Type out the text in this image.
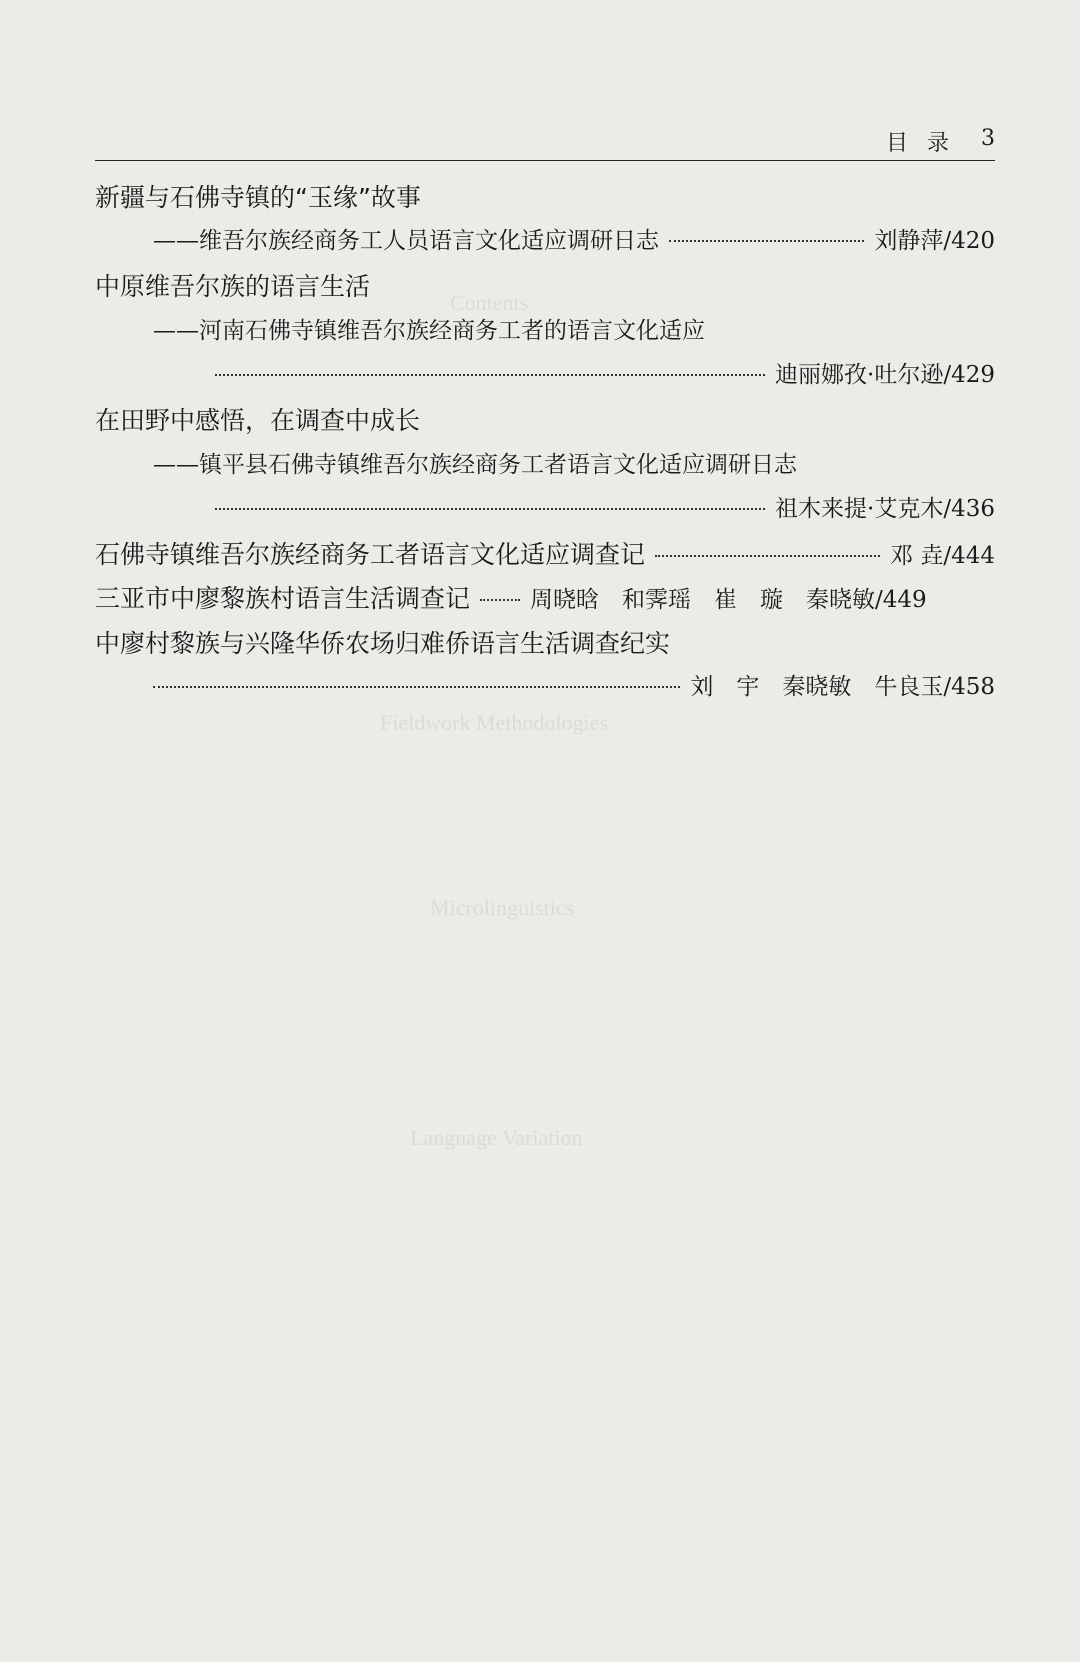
Contents
Fieldwork Methodologies
Microlinguistics
Language Variation
目 录 3
新疆与石佛寺镇的“玉缘”故事
——维吾尔族经商务工人员语言文化适应调研日志	刘静萍 /420
中原维吾尔族的语言生活
——河南石佛寺镇维吾尔族经商务工者的语言文化适应
迪丽娜孜·吐尔逊 /429
在田野中感悟，在调查中成长
——镇平县石佛寺镇维吾尔族经商务工者语言文化适应调研日志
祖木来提·艾克木 /436
石佛寺镇维吾尔族经商务工者语言文化适应调查记	邓 垚 /444
三亚市中廖黎族村语言生活调查记	周晓晗　和霁瑶　崔　璇　秦晓敏 /449
中廖村黎族与兴隆华侨农场归难侨语言生活调查纪实
刘　宇　秦晓敏　牛良玉 /458
